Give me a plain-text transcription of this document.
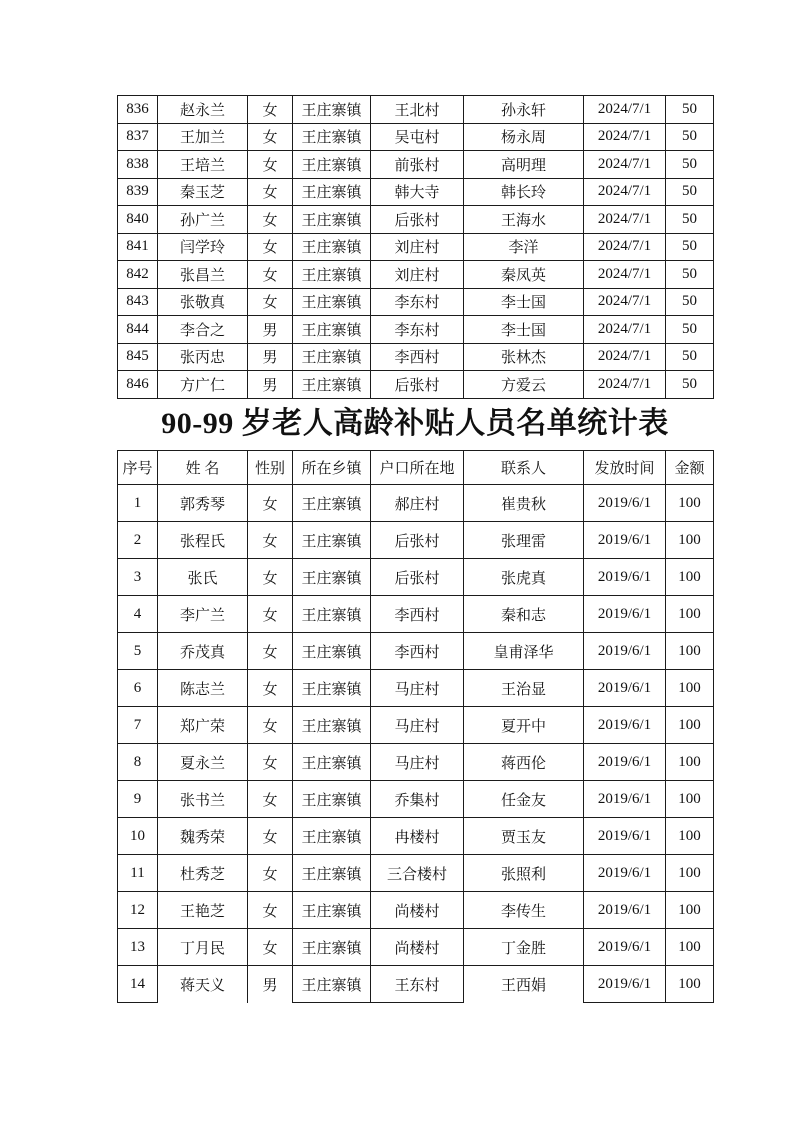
836	赵永兰	女	王庄寨镇	王北村	孙永轩	2024/7/1	50
837	王加兰	女	王庄寨镇	吴屯村	杨永周	2024/7/1	50
838	王培兰	女	王庄寨镇	前张村	高明理	2024/7/1	50
839	秦玉芝	女	王庄寨镇	韩大寺	韩长玲	2024/7/1	50
840	孙广兰	女	王庄寨镇	后张村	王海水	2024/7/1	50
841	闫学玲	女	王庄寨镇	刘庄村	李洋	2024/7/1	50
842	张昌兰	女	王庄寨镇	刘庄村	秦凤英	2024/7/1	50
843	张敬真	女	王庄寨镇	李东村	李士国	2024/7/1	50
844	李合之	男	王庄寨镇	李东村	李士国	2024/7/1	50
845	张丙忠	男	王庄寨镇	李西村	张林杰	2024/7/1	50
846	方广仁	男	王庄寨镇	后张村	方爱云	2024/7/1	50
90-99 岁老人高龄补贴人员名单统计表
序号	姓 名	性别	所在乡镇	户口所在地	联系人	发放时间	金额
1	郭秀琴	女	王庄寨镇	郝庄村	崔贵秋	2019/6/1	100
2	张程氏	女	王庄寨镇	后张村	张理雷	2019/6/1	100
3	张氏	女	王庄寨镇	后张村	张虎真	2019/6/1	100
4	李广兰	女	王庄寨镇	李西村	秦和志	2019/6/1	100
5	乔茂真	女	王庄寨镇	李西村	皇甫泽华	2019/6/1	100
6	陈志兰	女	王庄寨镇	马庄村	王治显	2019/6/1	100
7	郑广荣	女	王庄寨镇	马庄村	夏开中	2019/6/1	100
8	夏永兰	女	王庄寨镇	马庄村	蒋西伦	2019/6/1	100
9	张书兰	女	王庄寨镇	乔集村	任金友	2019/6/1	100
10	魏秀荣	女	王庄寨镇	冉楼村	贾玉友	2019/6/1	100
11	杜秀芝	女	王庄寨镇	三合楼村	张照利	2019/6/1	100
12	王艳芝	女	王庄寨镇	尚楼村	李传生	2019/6/1	100
13	丁月民	女	王庄寨镇	尚楼村	丁金胜	2019/6/1	100
14	蒋天义	男	王庄寨镇	王东村	王西娟	2019/6/1	100
